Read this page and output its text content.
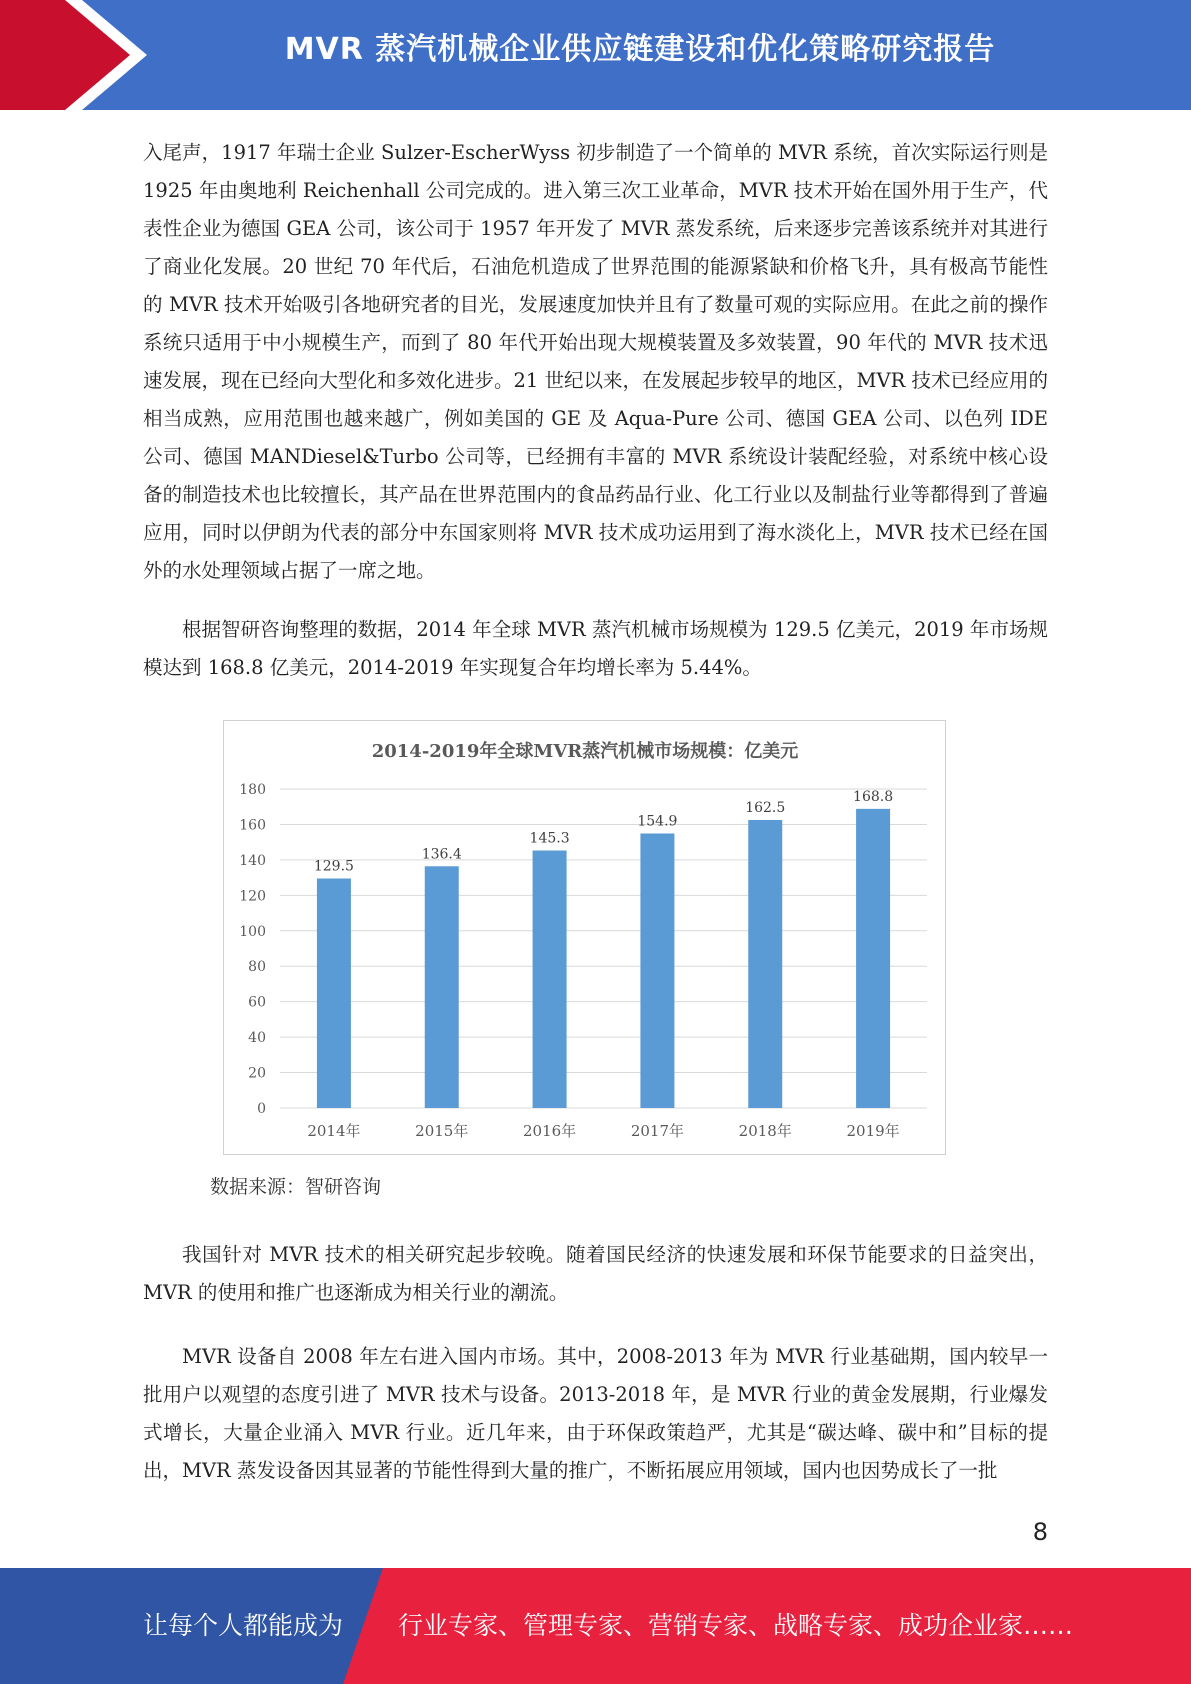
MVR 蒸汽机械企业供应链建设和优化策略研究报告

入尾声，1917 年瑞士企业 Sulzer-EscherWyss 初步制造了一个简单的 MVR 系统，首次实际运行则是 1925 年由奥地利 Reichenhall 公司完成的。进入第三次工业革命，MVR 技术开始在国外用于生产，代表性企业为德国 GEA 公司，该公司于 1957 年开发了 MVR 蒸发系统，后来逐步完善该系统并对其进行了商业化发展。20 世纪 70 年代后，石油危机造成了世界范围的能源紧缺和价格飞升，具有极高节能性的 MVR 技术开始吸引各地研究者的目光，发展速度加快并且有了数量可观的实际应用。在此之前的操作系统只适用于中小规模生产，而到了 80 年代开始出现大规模装置及多效装置，90 年代的 MVR 技术迅速发展，现在已经向大型化和多效化进步。21 世纪以来，在发展起步较早的地区，MVR 技术已经应用的相当成熟，应用范围也越来越广，例如美国的 GE 及 Aqua-Pure 公司、德国 GEA 公司、以色列 IDE 公司、德国 MANDiesel&Turbo 公司等，已经拥有丰富的 MVR 系统设计装配经验，对系统中核心设备的制造技术也比较擅长，其产品在世界范围内的食品药品行业、化工行业以及制盐行业等都得到了普遍应用，同时以伊朗为代表的部分中东国家则将 MVR 技术成功运用到了海水淡化上，MVR 技术已经在国外的水处理领域占据了一席之地。

根据智研咨询整理的数据，2014 年全球 MVR 蒸汽机械市场规模为 129.5 亿美元，2019 年市场规模达到 168.8 亿美元，2014-2019 年实现复合年均增长率为 5.44%。

2014-2019年全球MVR蒸汽机械市场规模：亿美元
0
20
40
60
80
100
120
140
160
180
129.5
2014年
136.4
2015年
145.3
2016年
154.9
2017年
162.5
2018年
168.8
2019年
数据来源：智研咨询

我国针对 MVR 技术的相关研究起步较晚。随着国民经济的快速发展和环保节能要求的日益突出，MVR 的使用和推广也逐渐成为相关行业的潮流。

MVR 设备自 2008 年左右进入国内市场。其中，2008-2013 年为 MVR 行业基础期，国内较早一批用户以观望的态度引进了 MVR 技术与设备。2013-2018 年，是 MVR 行业的黄金发展期，行业爆发式增长，大量企业涌入 MVR 行业。近几年来，由于环保政策趋严，尤其是“碳达峰、碳中和”目标的提出，MVR 蒸发设备因其显著的节能性得到大量的推广，不断拓展应用领域，国内也因势成长了一批

8
让每个人都能成为 行业专家、管理专家、营销专家、战略专家、成功企业家……
